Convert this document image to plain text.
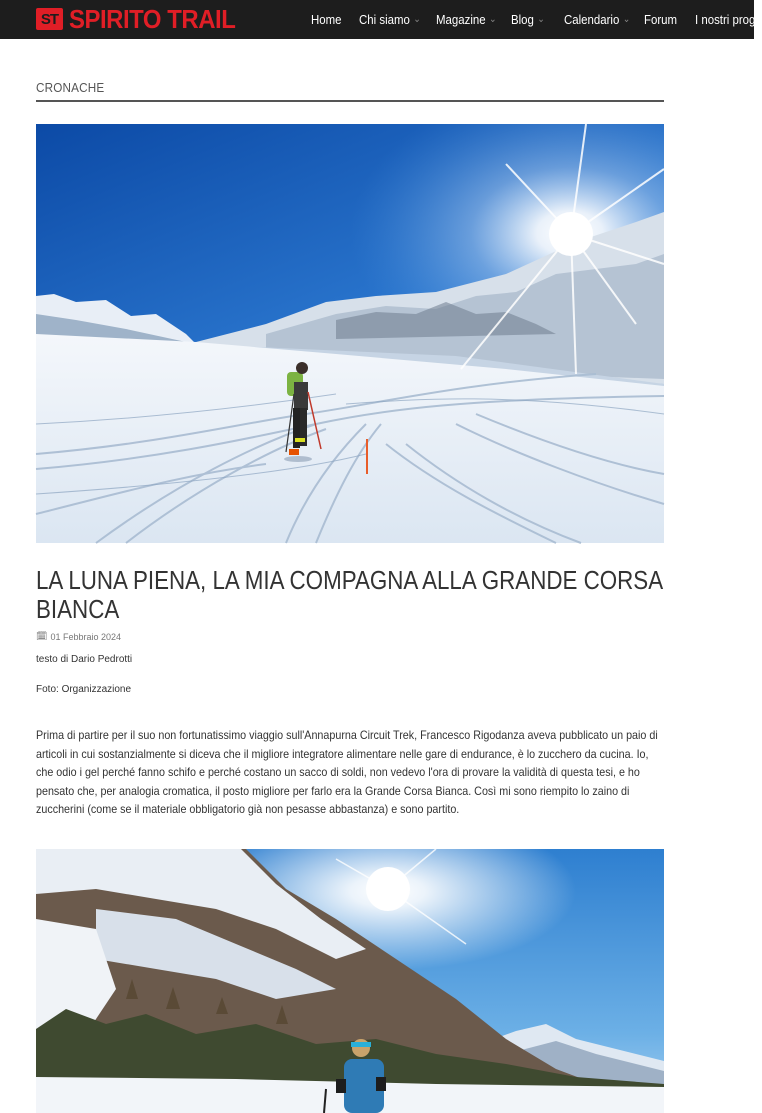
ST SPIRITO TRAIL	Home Chi siamo ⌄ Magazine ⌄ Blog ⌄ Calendario ⌄ Forum I nostri proge
CRONACHE
LA LUNA PIENA, LA MIA COMPAGNA ALLA GRANDE CORSA BIANCA
🗓 01 Febbraio 2024
testo di Dario Pedrotti
Foto: Organizzazione

Prima di partire per il suo non fortunatissimo viaggio sull'Annapurna Circuit Trek, Francesco Rigodanza aveva pubblicato un paio di articoli in cui sostanzialmente si diceva che il migliore integratore alimentare nelle gare di endurance, è lo zucchero da cucina. Io, che odio i gel perché fanno schifo e perché costano un sacco di soldi, non vedevo l'ora di provare la validità di questa tesi, e ho pensato che, per analogia cromatica, il posto migliore per farlo era la Grande Corsa Bianca. Così mi sono riempito lo zaino di zuccherini (come se il materiale obbligatorio già non pesasse abbastanza) e sono partito.
